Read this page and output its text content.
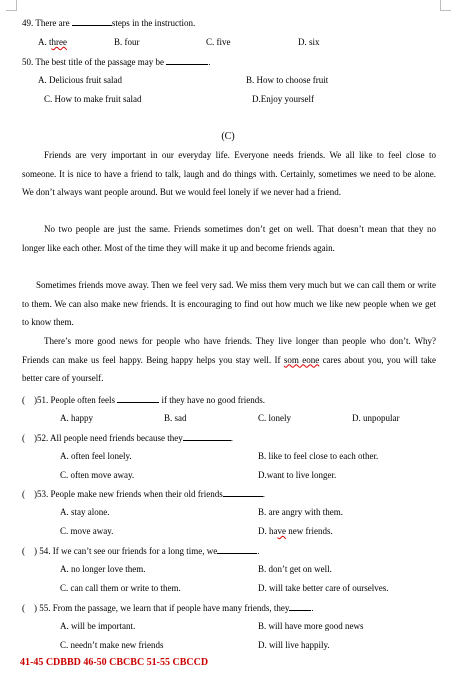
49. There are	steps in the instruction.
A. three	B. four	C. five	D. six
50. The best title of the passage may be	.
A. Delicious fruit salad	B. How to choose fruit
C. How to make fruit salad	D.Enjoy yourself
(C)
Friends are very important in our everyday life. Everyone needs friends. We all like to feel close to someone. It is nice to have a friend to talk, laugh and do things with. Certainly, sometimes we need to be alone. We don’t always want people around. But we would feel lonely if we never had a friend.
No two people are just the same. Friends sometimes don’t get on well. That doesn’t mean that they no longer like each other. Most of the time they will make it up and become friends again.
Sometimes friends move away. Then we feel very sad. We miss them very much but we can call them or write to them. We can also make new friends. It is encouraging to find out how much we like new people when we get to know them.
There’s more good news for people who have friends. They live longer than people who don’t. Why? Friends can make us feel happy. Being happy helps you stay well. If som eone cares about you, you will take better care of yourself.
( )51. People often feels	if they have no good friends.
A. happy	B. sad	C. lonely	D. unpopular
( )52. All people need friends because they	.
A. often feel lonely.	B. like to feel close to each other.
C. often move away.	D.want to live longer.
( )53. People make new friends when their old friends	.
A. stay alone.	B. are angry with them.
C. move away.	D. have new friends.
( ) 54. If we can’t see our friends for a long time, we	.
A. no longer love them.	B. don’t get on well.
C. can call them or write to them.	D. will take better care of ourselves.
( ) 55. From the passage, we learn that if people have many friends, they .
A. will be important.	B. will have more good news
C. needn’t make new friends	D. will live happily.
41-45 CDBBD 46-50 CBCBC 51-55 CBCCD
